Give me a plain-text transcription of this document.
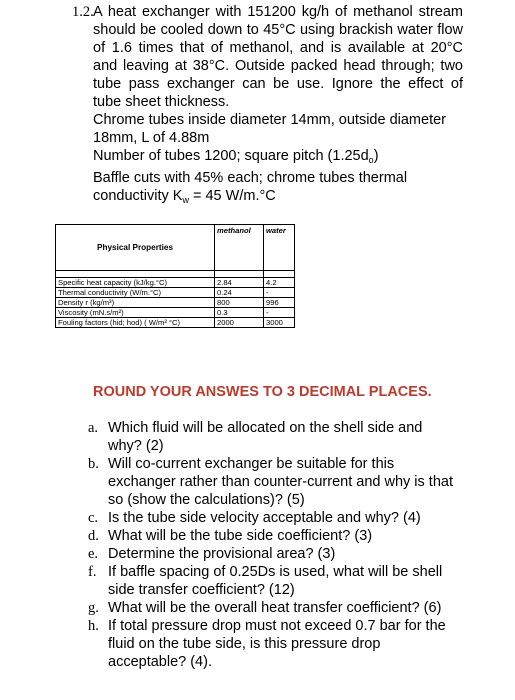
1.2. A heat exchanger with 151200 kg/h of methanol stream should be cooled down to 45°C using brackish water flow of 1.6 times that of methanol, and is available at 20°C and leaving at 38°C. Outside packed head through; two tube pass exchanger can be use. Ignore the effect of tube sheet thickness.

Chrome tubes inside diameter 14mm, outside diameter 18mm, L of 4.88m

Number of tubes 1200; square pitch $(1.25d_o)$

Baffle cuts with 45% each; chrome tubes thermal conductivity $K_w = 45$ W/m.°C

Physical Properties	methanol	water

Specific heat capacity (kJ/kg.°C)	2.84	4.2
Thermal conductivity (W/m.°C)	0.24	-
Density r (kg/m³)	800	996
Viscosity (mN.s/m²)	0.3	-
Fouling factors (hid; hod) ( W/m² °C)	2000	3000
ROUND YOUR ANSWES TO 3 DECIMAL PLACES.

a. Which fluid will be allocated on the shell side and why? (2)

b. Will co-current exchanger be suitable for this exchanger rather than counter-current and why is that so (show the calculations)? (5)

c. Is the tube side velocity acceptable and why? (4)

d. What will be the tube side coefficient? (3)

e. Determine the provisional area? (3)

f. If baffle spacing of 0.25Ds is used, what will be shell side transfer coefficient? (12)

g. What will be the overall heat transfer coefficient? (6)

h. If total pressure drop must not exceed 0.7 bar for the fluid on the tube side, is this pressure drop acceptable? (4).
